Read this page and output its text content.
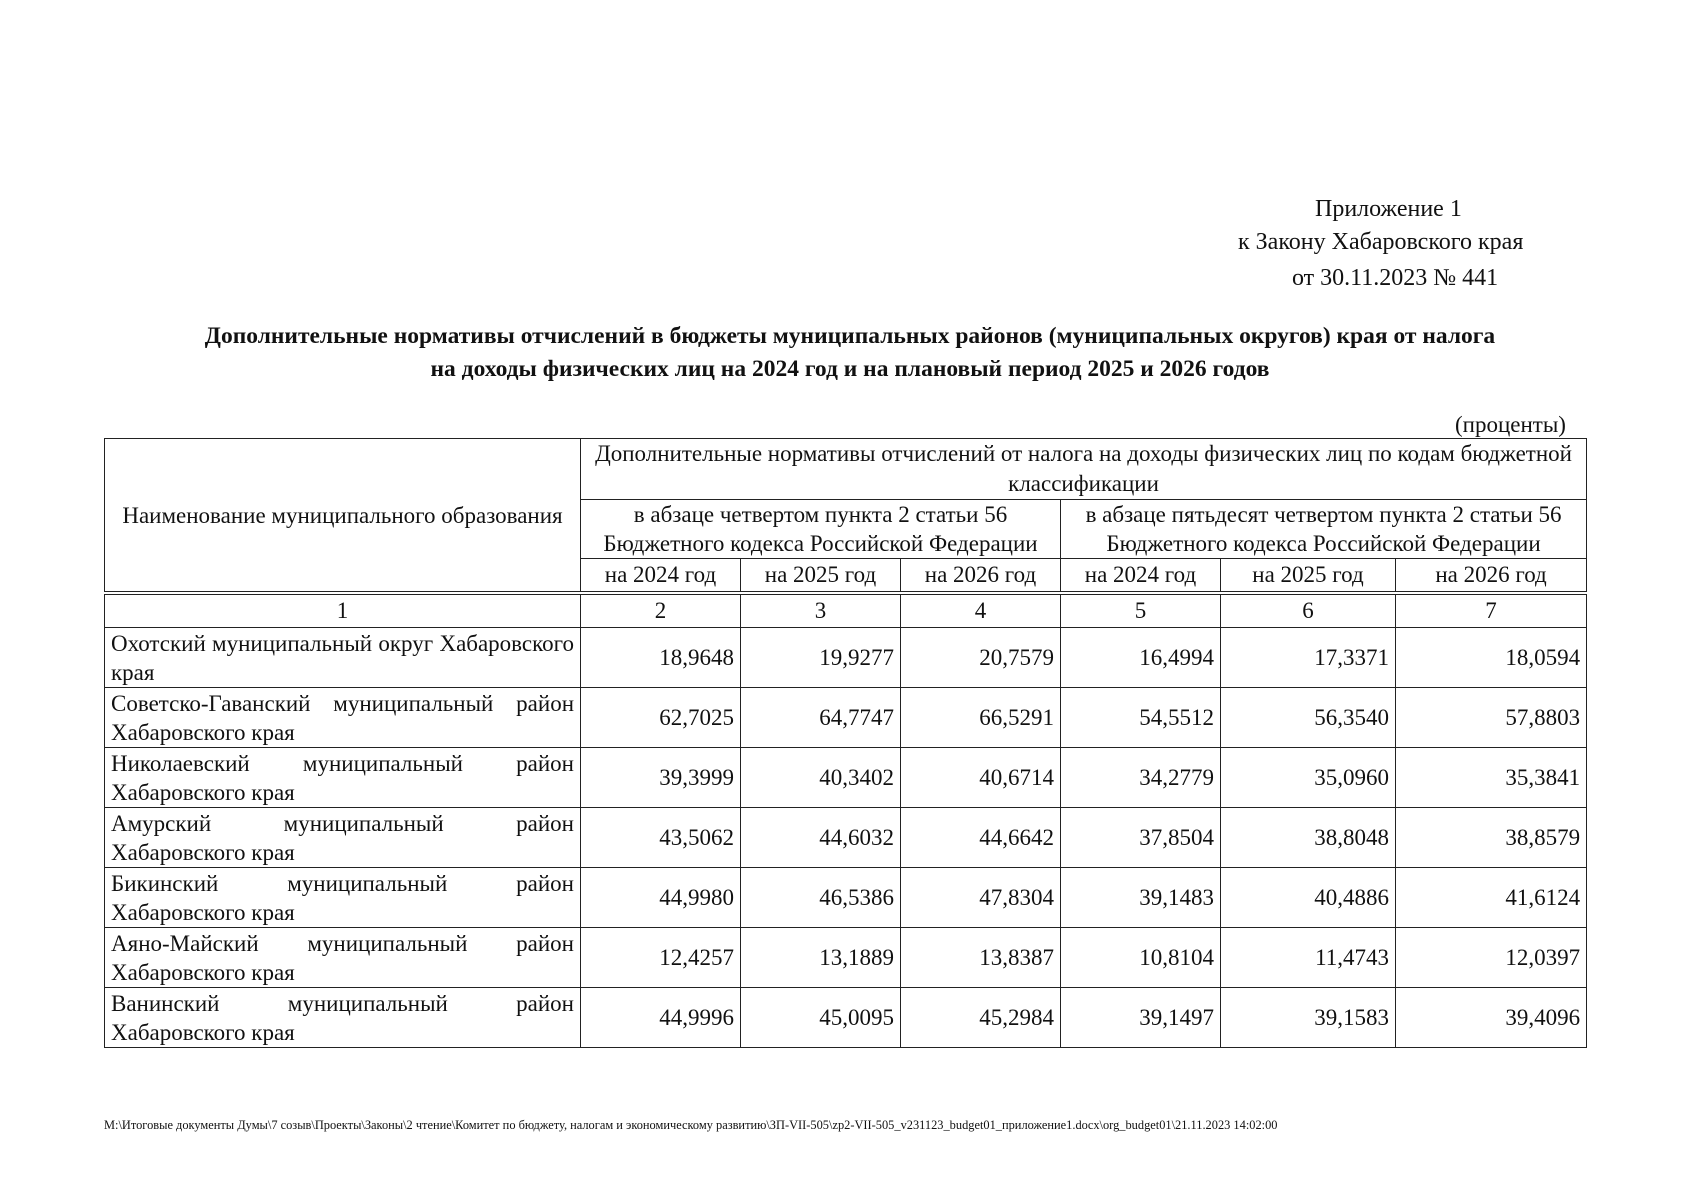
Приложение 1
к Закону Хабаровского края
от 30.11.2023 № 441
Дополнительные нормативы отчислений в бюджеты муниципальных районов (муниципальных округов) края от налога
на доходы физических лиц на 2024 год и на плановый период 2025 и 2026 годов
(проценты)
Наименование муниципального образования	Дополнительные нормативы отчислений от налога на доходы физических лиц по кодам бюджетной классификации					
	в абзаце четвертом пункта 2 статьи 56 Бюджетного кодекса Российской Федерации			в абзаце пятьдесят четвертом пункта 2 статьи 56 Бюджетного кодекса Российской Федерации		
	на 2024 год	на 2025 год	на 2026 год	на 2024 год	на 2025 год	на 2026 год

1	2	3	4	5	6	7
Охотский муниципальный округ Хабаровского края	18,9648	19,9277	20,7579	16,4994	17,3371	18,0594
Советско-Гаванский муниципальный район Хабаровского края	62,7025	64,7747	66,5291	54,5512	56,3540	57,8803
Николаевский муниципальный район Хабаровского края	39,3999	40,3402	40,6714	34,2779	35,0960	35,3841
Амурский муниципальный район Хабаровского края	43,5062	44,6032	44,6642	37,8504	38,8048	38,8579
Бикинский муниципальный район Хабаровского края	44,9980	46,5386	47,8304	39,1483	40,4886	41,6124
Аяно-Майский муниципальный район Хабаровского края	12,4257	13,1889	13,8387	10,8104	11,4743	12,0397
Ванинский муниципальный район Хабаровского края	44,9996	45,0095	45,2984	39,1497	39,1583	39,4096
M:\Итоговые документы Думы\7 созыв\Проекты\Законы\2 чтение\Комитет по бюджету, налогам и экономическому развитию\ЗП-VII-505\zp2-VII-505_v231123_budget01_приложение1.docx\org_budget01\21.11.2023 14:02:00
